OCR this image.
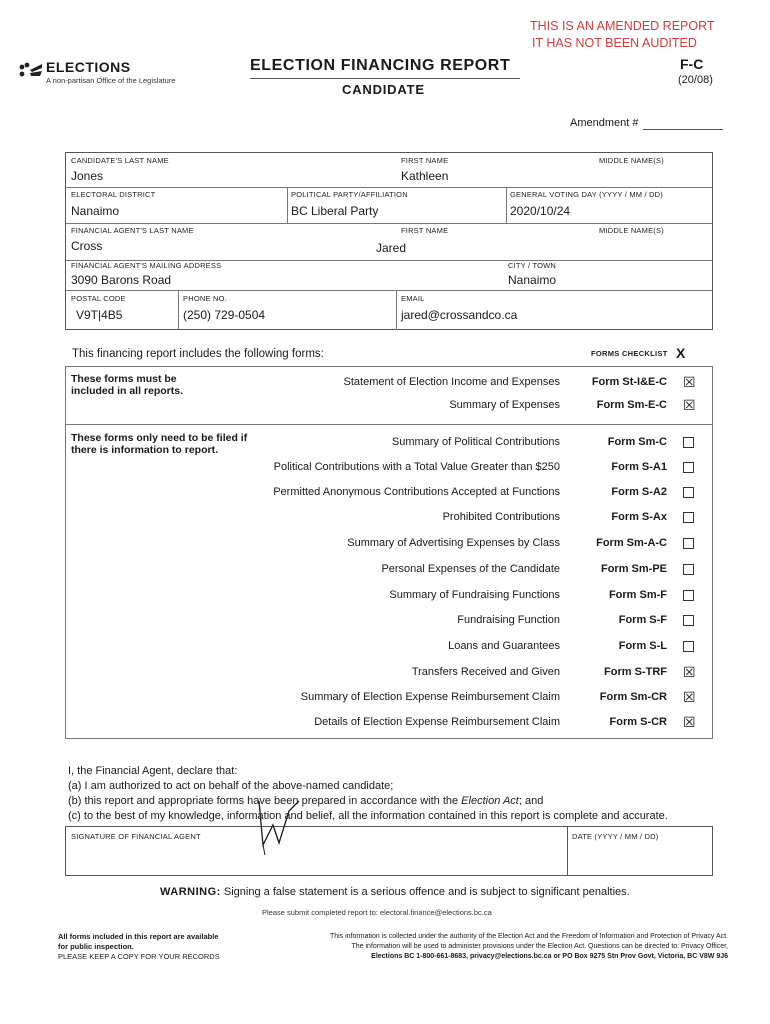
THIS IS AN AMENDED REPORT
IT HAS NOT BEEN AUDITED
ELECTIONS
A non-partisan Office of the Legislature
ELECTION FINANCING REPORT
CANDIDATE
F-C
(20/08)
Amendment #
CANDIDATE'S LAST NAME
Jones
FIRST NAME
Kathleen
MIDDLE NAME(S)
ELECTORAL DISTRICT
Nanaimo
POLITICAL PARTY/AFFILIATION
BC Liberal Party
GENERAL VOTING DAY (YYYY / MM / DD)
2020/10/24
FINANCIAL AGENT'S LAST NAME
Cross
FIRST NAME
Jared
MIDDLE NAME(S)
FINANCIAL AGENT'S MAILING ADDRESS
3090 Barons Road
CITY / TOWN
Nanaimo
POSTAL CODE
V9T|4B5
PHONE NO.
(250) 729-0504
EMAIL
jared@crossandco.ca
This financing report includes the following forms:	FORMS CHECKLIST X
These forms must be included in all reports.
These forms only need to be filed if there is information to report.
Statement of Election Income and Expenses	Form St-I&E-C ☒
Summary of Expenses	Form Sm-E-C ☒
Summary of Political Contributions	Form Sm-C
Political Contributions with a Total Value Greater than $250	Form S-A1
Permitted Anonymous Contributions Accepted at Functions	Form S-A2
Prohibited Contributions	Form S-Ax
Summary of Advertising Expenses by Class	Form Sm-A-C
Personal Expenses of the Candidate	Form Sm-PE
Summary of Fundraising Functions	Form Sm-F
Fundraising Function	Form S-F
Loans and Guarantees	Form S-L
Transfers Received and Given	Form S-TRF ☒
Summary of Election Expense Reimbursement Claim	Form Sm-CR ☒
Details of Election Expense Reimbursement Claim	Form S-CR ☒
I, the Financial Agent, declare that:
(a) I am authorized to act on behalf of the above-named candidate;
(b) this report and appropriate forms have been prepared in accordance with the Election Act; and
(c) to the best of my knowledge, information and belief, all the information contained in this report is complete and accurate.
SIGNATURE OF FINANCIAL AGENT	DATE (YYYY / MM / DD)
WARNING: Signing a false statement is a serious offence and is subject to significant penalties.
Please submit completed report to: electoral.finance@elections.bc.ca
All forms included in this report are available
for public inspection.
PLEASE KEEP A COPY FOR YOUR RECORDS
This information is collected under the authority of the Election Act and the Freedom of Information and Protection of Privacy Act.
The information will be used to administer provisions under the Election Act. Questions can be directed to: Privacy Officer,
Elections BC 1-800-661-8683, privacy@elections.bc.ca or PO Box 9275 Stn Prov Govt, Victoria, BC V8W 9J6
